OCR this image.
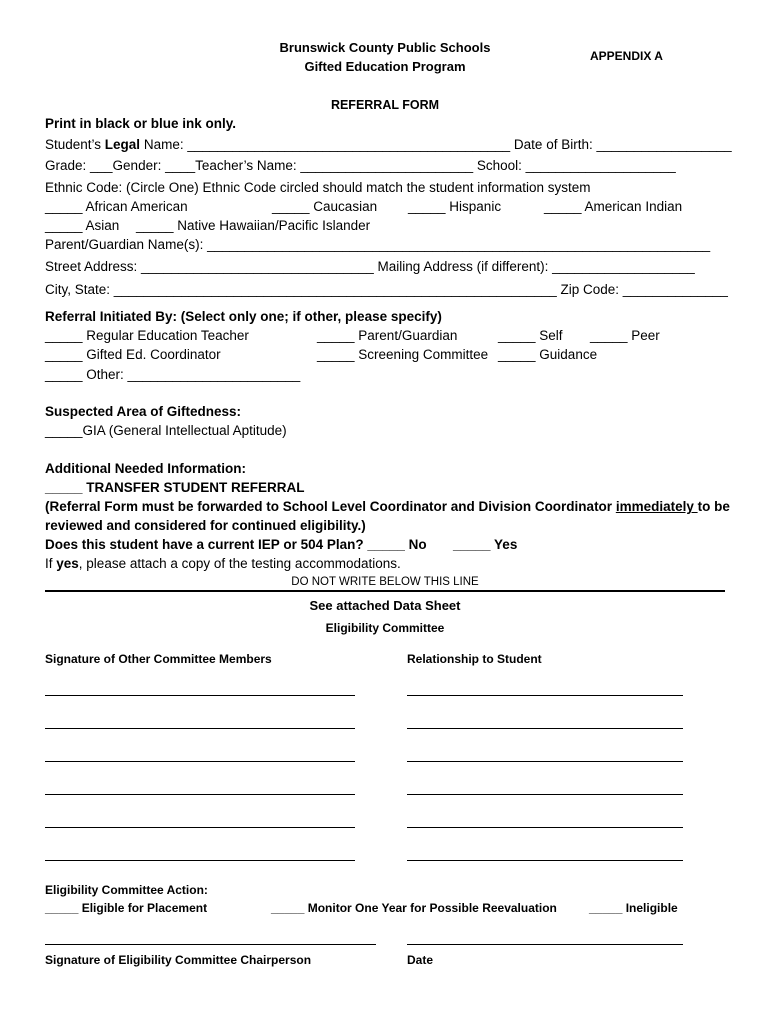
Brunswick County Public Schools
Gifted Education Program
APPENDIX A
REFERRAL FORM
Print in black or blue ink only.
Student’s Legal Name: ___________________________________________ Date of Birth: __________________
Grade: ___Gender: ____Teacher’s Name: _______________________ School: ____________________
Ethnic Code: (Circle One) Ethnic Code circled should match the student information system
_____ African American	_____ Caucasian _____ Hispanic	_____ American Indian
_____ Asian _____ Native Hawaiian/Pacific Islander
Parent/Guardian Name(s): ___________________________________________________________________
Street Address: _______________________________ Mailing Address (if different): ___________________
City, State: ___________________________________________________________ Zip Code: ______________
Referral Initiated By: (Select only one; if other, please specify)
_____ Regular Education Teacher	_____ Parent/Guardian	_____ Self _____ Peer
_____ Gifted Ed. Coordinator	_____ Screening Committee _____ Guidance
_____ Other: _______________________
Suspected Area of Giftedness:
_____GIA (General Intellectual Aptitude)
Additional Needed Information:
_____ TRANSFER STUDENT REFERRAL
(Referral Form must be forwarded to School Level Coordinator and Division Coordinator immediately to be
reviewed and considered for continued eligibility.)
Does this student have a current IEP or 504 Plan? _____ No _____ Yes
If yes, please attach a copy of the testing accommodations.
DO NOT WRITE BELOW THIS LINE
See attached Data Sheet
Eligibility Committee
Signature of Other Committee Members	Relationship to Student
Eligibility Committee Action:
_____ Eligible for Placement	_____ Monitor One Year for Possible Reevaluation	_____ Ineligible
Signature of Eligibility Committee Chairperson	Date
